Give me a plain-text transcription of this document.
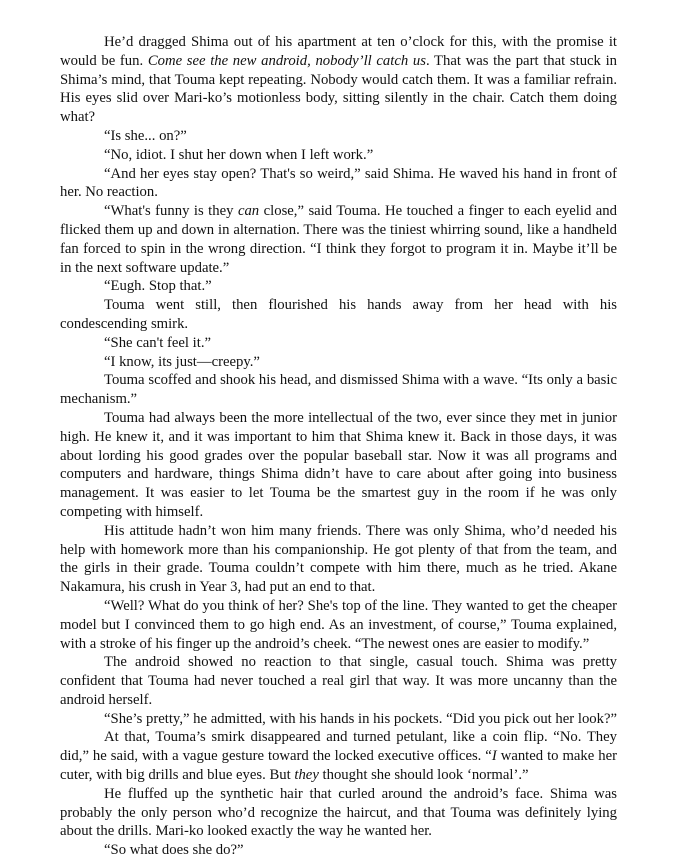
He’d dragged Shima out of his apartment at ten o’clock for this, with the promise it would be fun. Come see the new android, nobody’ll catch us. That was the part that stuck in Shima’s mind, that Touma kept repeating. Nobody would catch them. It was a familiar refrain. His eyes slid over Mari-ko’s motionless body, sitting silently in the chair. Catch them doing what?

“Is she... on?”

“No, idiot. I shut her down when I left work.”

“And her eyes stay open? That's so weird,” said Shima. He waved his hand in front of her. No reaction.

“What's funny is they can close,” said Touma. He touched a finger to each eyelid and flicked them up and down in alternation. There was the tiniest whirring sound, like a handheld fan forced to spin in the wrong direction. “I think they forgot to program it in. Maybe it’ll be in the next software update.”

“Eugh. Stop that.”

Touma went still, then flourished his hands away from her head with his condescending smirk.

“She can't feel it.”

“I know, its just—creepy.”

Touma scoffed and shook his head, and dismissed Shima with a wave. “Its only a basic mechanism.”

Touma had always been the more intellectual of the two, ever since they met in junior high. He knew it, and it was important to him that Shima knew it. Back in those days, it was about lording his good grades over the popular baseball star. Now it was all programs and computers and hardware, things Shima didn’t have to care about after going into business management. It was easier to let Touma be the smartest guy in the room if he was only competing with himself.

His attitude hadn’t won him many friends. There was only Shima, who’d needed his help with homework more than his companionship. He got plenty of that from the team, and the girls in their grade. Touma couldn’t compete with him there, much as he tried. Akane Nakamura, his crush in Year 3, had put an end to that.

“Well? What do you think of her? She's top of the line. They wanted to get the cheaper model but I convinced them to go high end. As an investment, of course,” Touma explained, with a stroke of his finger up the android’s cheek. “The newest ones are easier to modify.”

The android showed no reaction to that single, casual touch. Shima was pretty confident that Touma had never touched a real girl that way. It was more uncanny than the android herself.

“She’s pretty,” he admitted, with his hands in his pockets. “Did you pick out her look?”

At that, Touma’s smirk disappeared and turned petulant, like a coin flip. “No. They did,” he said, with a vague gesture toward the locked executive offices. “I wanted to make her cuter, with big drills and blue eyes. But they thought she should look ‘normal’.”

He fluffed up the synthetic hair that curled around the android’s face. Shima was probably the only person who’d recognize the haircut, and that Touma was definitely lying about the drills. Mari-ko looked exactly the way he wanted her.

“So what does she do?”
